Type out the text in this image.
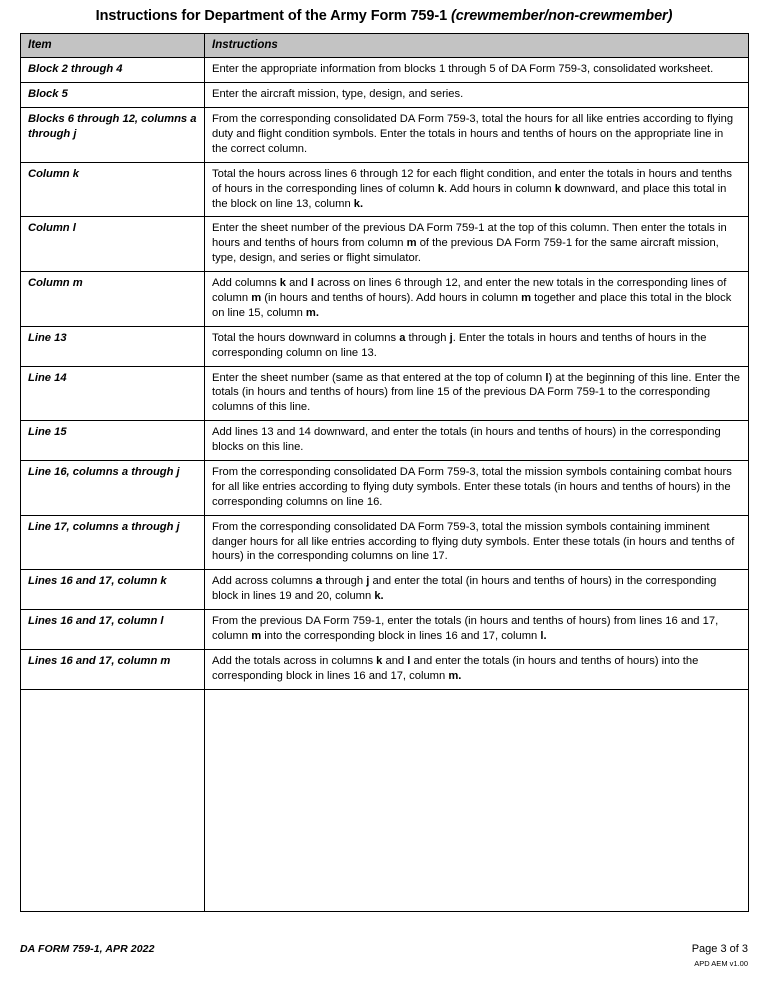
Instructions for Department of the Army Form 759-1 (crewmember/non-crewmember)
Item	Instructions
Block 2 through 4	Enter the appropriate information from blocks 1 through 5 of DA Form 759-3, consolidated worksheet.
Block 5	Enter the aircraft mission, type, design, and series.
Blocks 6 through 12, columns a through j	From the corresponding consolidated DA Form 759-3, total the hours for all like entries according to flying duty and flight condition symbols. Enter the totals in hours and tenths of hours on the appropriate line in the correct column.
Column k	Total the hours across lines 6 through 12 for each flight condition, and enter the totals in hours and tenths of hours in the corresponding lines of column k. Add hours in column k downward, and place this total in the block on line 13, column k.
Column l	Enter the sheet number of the previous DA Form 759-1 at the top of this column. Then enter the totals in hours and tenths of hours from column m of the previous DA Form 759-1 for the same aircraft mission, type, design, and series or flight simulator.
Column m	Add columns k and l across on lines 6 through 12, and enter the new totals in the corresponding lines of column m (in hours and tenths of hours). Add hours in column m together and place this total in the block on line 15, column m.
Line 13	Total the hours downward in columns a through j. Enter the totals in hours and tenths of hours in the corresponding column on line 13.
Line 14	Enter the sheet number (same as that entered at the top of column l) at the beginning of this line. Enter the totals (in hours and tenths of hours) from line 15 of the previous DA Form 759-1 to the corresponding columns of this line.
Line 15	Add lines 13 and 14 downward, and enter the totals (in hours and tenths of hours) in the corresponding blocks on this line.
Line 16, columns a through j	From the corresponding consolidated DA Form 759-3, total the mission symbols containing combat hours for all like entries according to flying duty symbols. Enter these totals (in hours and tenths of hours) in the corresponding columns on line 16.
Line 17, columns a through j	From the corresponding consolidated DA Form 759-3, total the mission symbols containing imminent danger hours for all like entries according to flying duty symbols. Enter these totals (in hours and tenths of hours) in the corresponding columns on line 17.
Lines 16 and 17, column k	Add across columns a through j and enter the total (in hours and tenths of hours) in the corresponding block in lines 19 and 20, column k.
Lines 16 and 17, column l	From the previous DA Form 759-1, enter the totals (in hours and tenths of hours) from lines 16 and 17, column m into the corresponding block in lines 16 and 17, column l.
Lines 16 and 17, column m	Add the totals across in columns k and l and enter the totals (in hours and tenths of hours) into the corresponding block in lines 16 and 17, column m.

DA FORM 759-1, APR 2022	Page 3 of 3
APD AEM v1.00
